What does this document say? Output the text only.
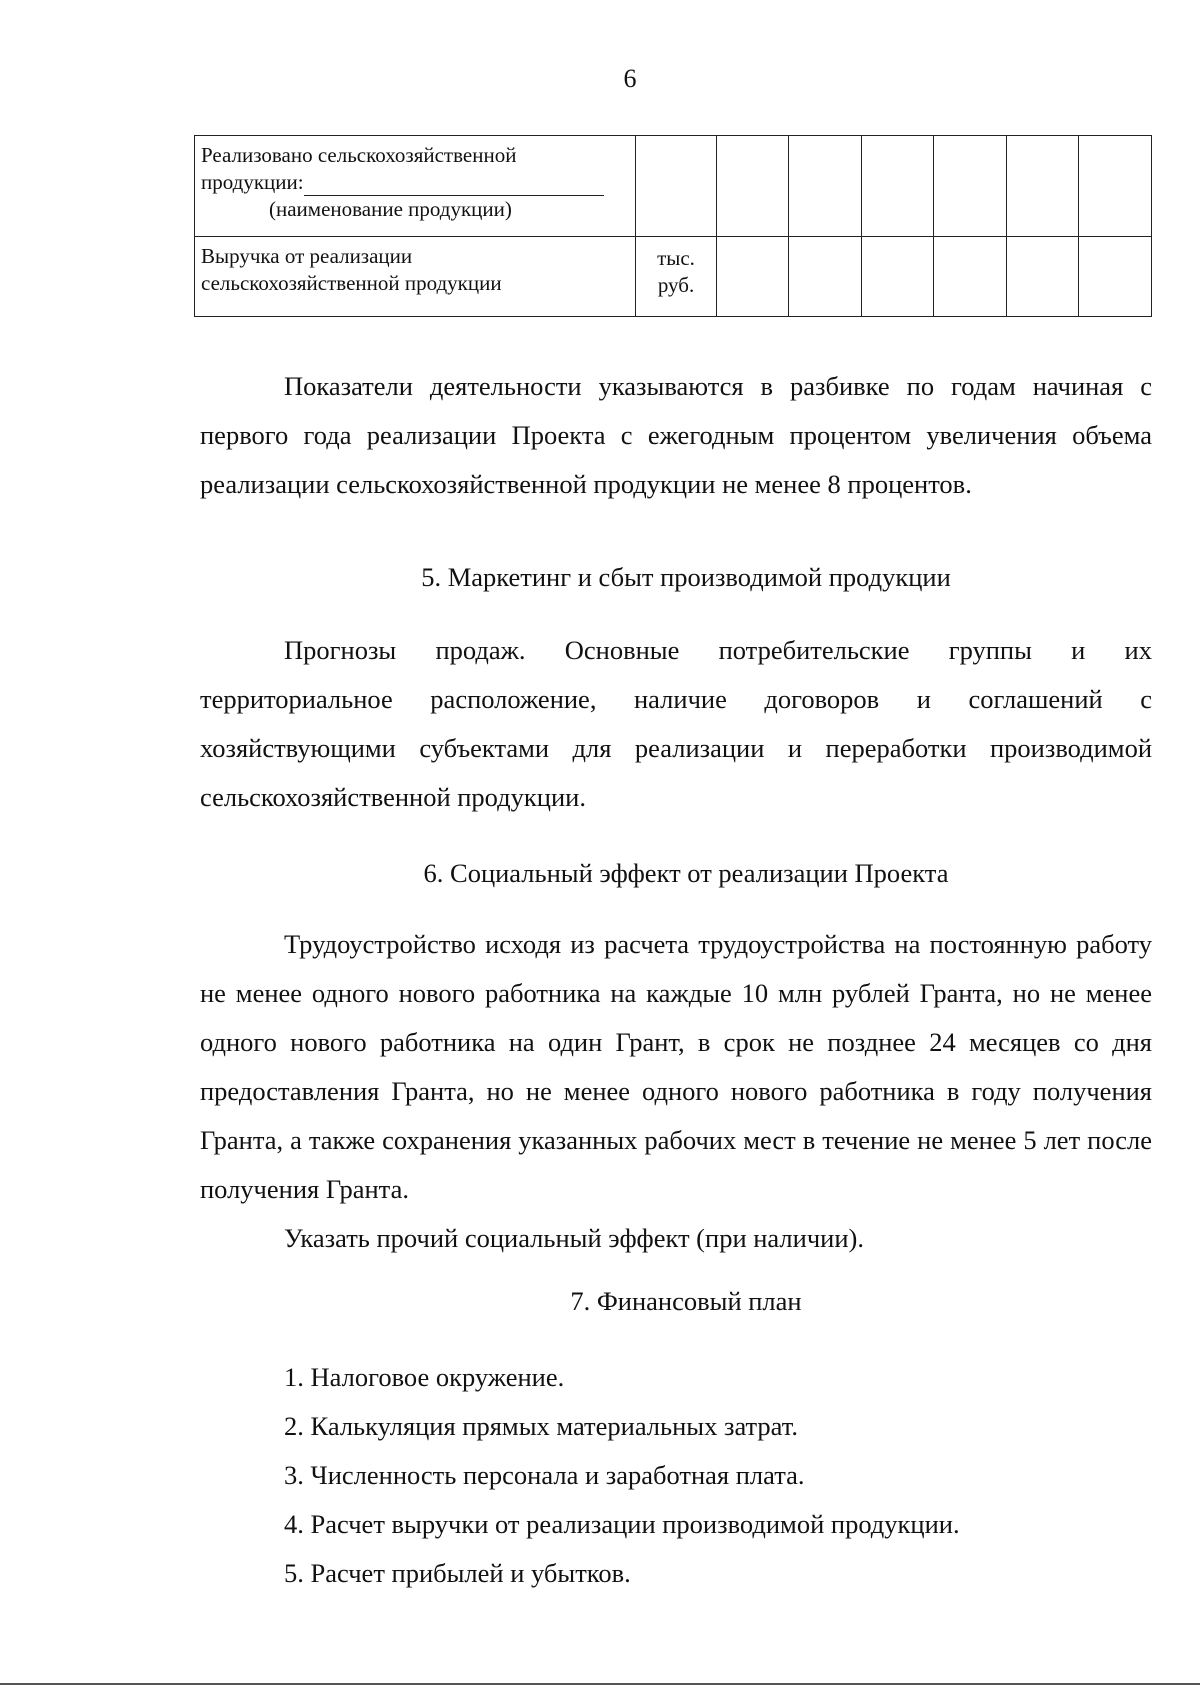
6
Реализовано сельскохозяйственной
продукции:

(наименование продукции)							

Выручка от реализации
сельскохозяйственной продукции	тыс.
руб.						

Показатели деятельности указываются в разбивке по годам начиная с первого года реализации Проекта с ежегодным процентом увеличения объема реализации сельскохозяйственной продукции не менее 8 процентов.

5. Маркетинг и сбыт производимой продукции

Прогнозы продаж. Основные потребительские группы и их территориальное расположение, наличие договоров и соглашений с хозяйствующими субъектами для реализации и переработки производимой сельскохозяйственной продукции.

6. Социальный эффект от реализации Проекта

Трудоустройство исходя из расчета трудоустройства на постоянную работу не менее одного нового работника на каждые 10 млн рублей Гранта, но не менее одного нового работника на один Грант, в срок не позднее 24 месяцев со дня предоставления Гранта, но не менее одного нового работника в году получения Гранта, а также сохранения указанных рабочих мест в течение не менее 5 лет после получения Гранта.

Указать прочий социальный эффект (при наличии).

7. Финансовый план
1. Налоговое окружение.
2. Калькуляция прямых материальных затрат.
3. Численность персонала и заработная плата.
4. Расчет выручки от реализации производимой продукции.
5. Расчет прибылей и убытков.
